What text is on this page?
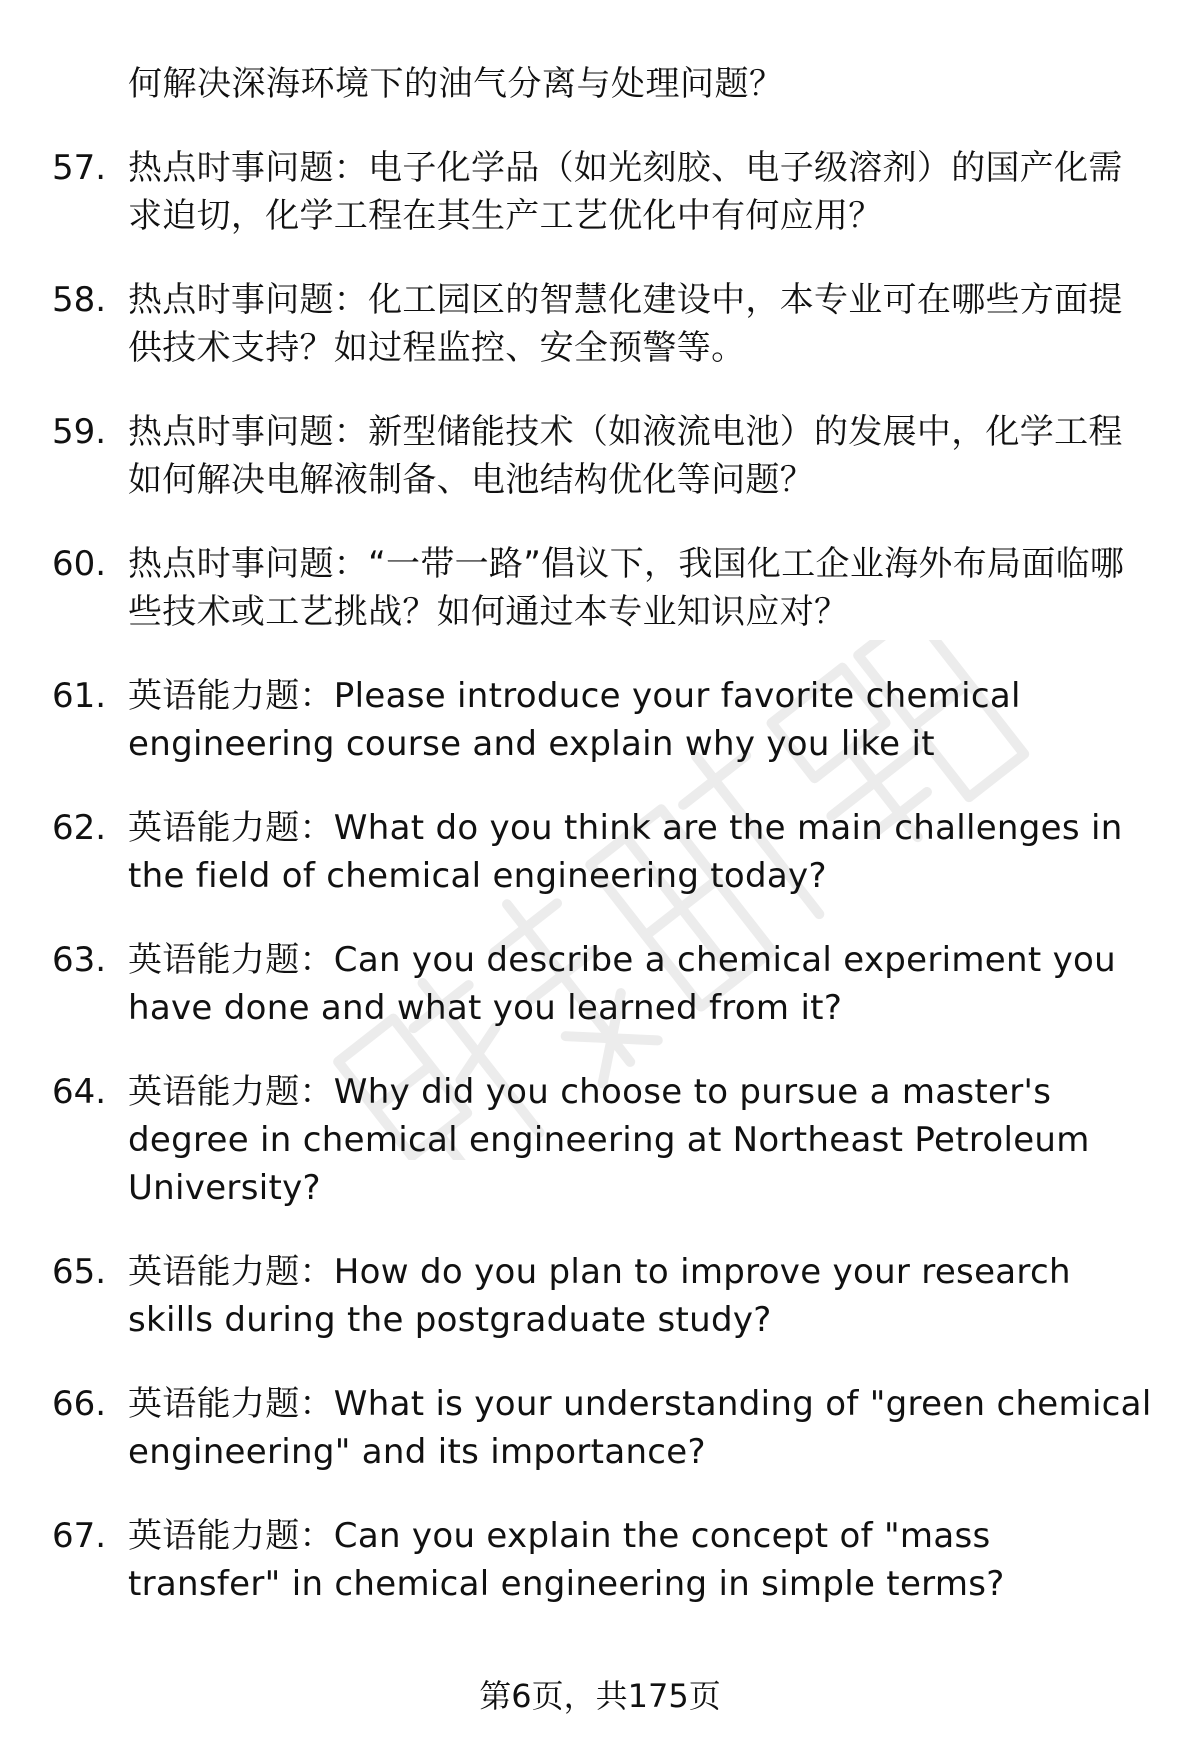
何解决深海环境下的油气分离与处理问题？
57. 热点时事问题：电子化学品（如光刻胶、电子级溶剂）的国产化需求迫切，化学工程在其生产工艺优化中有何应用？
58. 热点时事问题：化工园区的智慧化建设中，本专业可在哪些方面提供技术支持？如过程监控、安全预警等。
59. 热点时事问题：新型储能技术（如液流电池）的发展中，化学工程如何解决电解液制备、电池结构优化等问题？
60. 热点时事问题：“一带一路”倡议下，我国化工企业海外布局面临哪些技术或工艺挑战？如何通过本专业知识应对？
61. 英语能力题：Please introduce your favorite chemical engineering course and explain why you like it
62. 英语能力题：What do you think are the main challenges in the field of chemical engineering today?
63. 英语能力题：Can you describe a chemical experiment you have done and what you learned from it?
64. 英语能力题：Why did you choose to pursue a master's degree in chemical engineering at Northeast Petroleum University?
65. 英语能力题：How do you plan to improve your research skills during the postgraduate study?
66. 英语能力题：What is your understanding of "green chemical engineering" and its importance?
67. 英语能力题：Can you explain the concept of "mass transfer" in chemical engineering in simple terms?
第6页，共175页
